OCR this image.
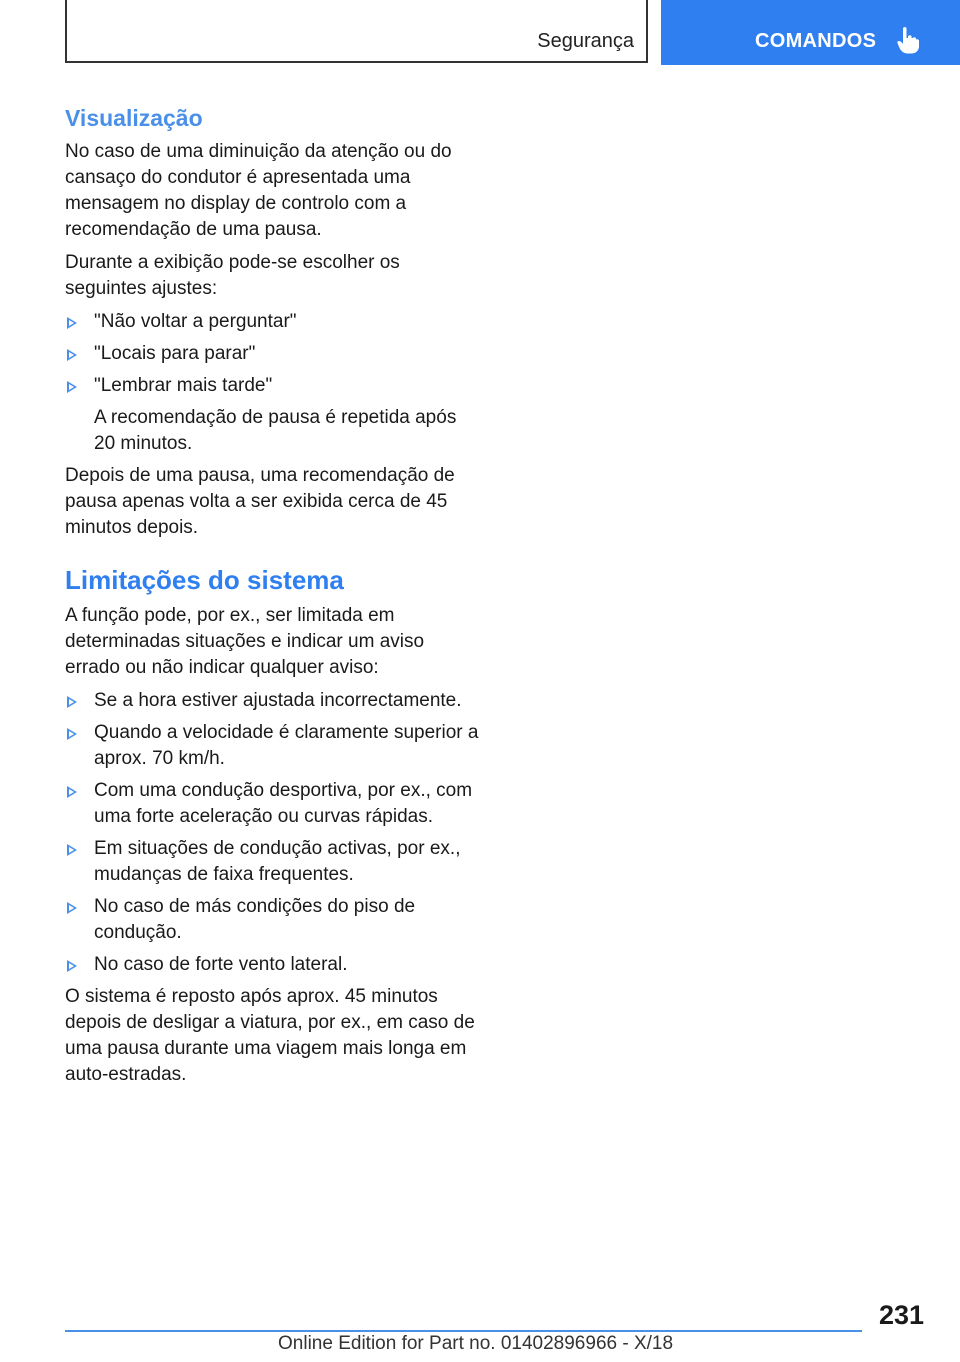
Segurança	COMANDOS
Visualização

No caso de uma diminuição da atenção ou do cansaço do condutor é apresentada uma mensagem no display de controlo com a recomendação de uma pausa.

Durante a exibição pode-se escolher os seguintes ajustes:

"Não voltar a perguntar"
"Locais para parar"
"Lembrar mais tarde"
A recomendação de pausa é repetida após 20 minutos.

Depois de uma pausa, uma recomendação de pausa apenas volta a ser exibida cerca de 45 minutos depois.

Limitações do sistema

A função pode, por ex., ser limitada em determinadas situações e indicar um aviso errado ou não indicar qualquer aviso:

Se a hora estiver ajustada incorrectamente.
Quando a velocidade é claramente superior a aprox. 70 km/h.
Com uma condução desportiva, por ex., com uma forte aceleração ou curvas rápidas.
Em situações de condução activas, por ex., mudanças de faixa frequentes.
No caso de más condições do piso de condução.
No caso de forte vento lateral.

O sistema é reposto após aprox. 45 minutos depois de desligar a viatura, por ex., em caso de uma pausa durante uma viagem mais longa em auto-estradas.

231
Online Edition for Part no. 01402896966 - X/18
